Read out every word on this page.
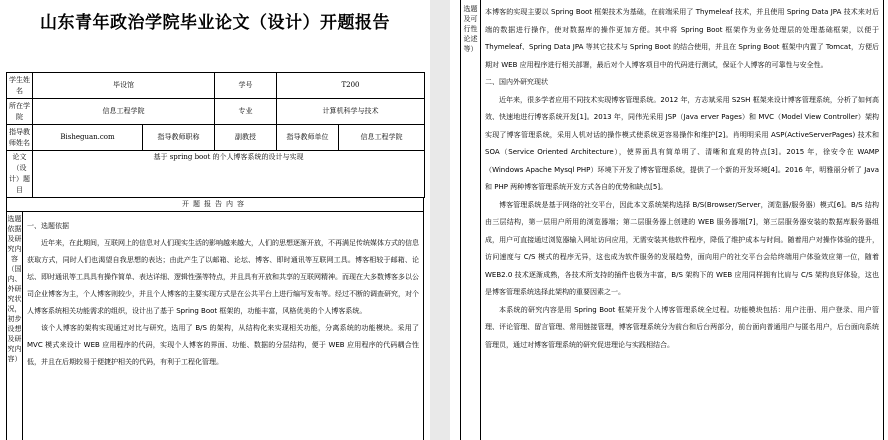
山东青年政治学院毕业论文（设计）开题报告
学生姓名	毕设馆		学号	T200	
所在学院	信息工程学院		专业	计算机科学与技术	
指导教师姓名	Bisheguan.com	指导教师职称	副教授	指导教师单位	信息工程学院
论文（设计）题目	基于 spring boot 的个人博客系统的设计与实现				
开题报告内容
选题依据及研究内容（国内、外研究状况，初步设想及研究内容）

一、选题依据

近年来，在此期间，互联网上的信息对人们现实生活的影响越来越大，人们的思想逐渐开放，不再满足传统媒体方式的信息获取方式，同时人们也渴望自我思想的表达；由此产生了以邮箱、论坛、博客、即时通讯等互联网工具。博客相较于邮箱、论坛、即时通讯等工具具有操作简单、表达详细、逻辑性强等特点，并且具有开放和共享的互联网精神。而现在大多数博客多以公司企业博客为主，个人博客则较少，并且个人博客的主要实现方式是在公共平台上进行编写发布等。经过不断的调查研究，对个人博客系统相关功能需求的组织，设计出了基于 Spring Boot 框架的，功能丰富，风格优美的个人博客系统。

该个人博客的架构实现通过对比与研究，选用了 B/S 的架构，从结构化来实现相关功能，分离系统的功能模块。采用了 MVC 模式来设计 WEB 应用程序的代码，实现个人博客的界面、功能、数据的分层结构，便于 WEB 应用程序的代码耦合性低，并且在后期较易于便捷护相关的代码，有利于工程化管理。

选题及可行性论述等）

本博客的实现主要以 Spring Boot 框架技术为基础，在前端采用了 Thymeleaf 技术，并且使用 Spring Data JPA 技术来对后端的数据进行操作，使对数据库的操作更加方便。其中将 Spring Boot 框架作为业务处理层的处理基础框架，以便于 Thymeleaf、Spring Data JPA 等其它技术与 Spring Boot 的结合使用，并且在 Spring Boot 框架中内置了 Tomcat，方便后期对 WEB 应用程序进行相关部署，最后对个人博客项目中的代码进行测试，保证个人博客的可靠性与安全性。

二、国内外研究现状

近年来，很多学者应用不同技术实现博客管理系统。2012 年，方志斌采用 S2SH 框架来设计博客管理系统，分析了如何高效、快速地进行博客系统开发[1]。2013 年，同伟光采用 JSP（Java erver Pages）和 MVC（Model View Controller）架构实现了博客管理系统，采用人机对话的操作模式使系统更容易操作和维护[2]。肖明明采用 ASP(ActiveServerPages) 技术和 SOA（Service Oriented Architecture），使界面具有简单明了、清晰和直观的特点[3]。2015 年，徐安令在 WAMP（Windows Apache Mysql PHP）环境下开发了博客管理系统，提供了一个新的开发环境[4]。2016 年，明雅丽分析了 Java 和 PHP 两种博客管理系统开发方式各自的优势和缺点[5]。

博客管理系统是基于网络的社交平台，因此本文系统架构选择 B/S(Browser/Server，浏览器/服务器）模式[6]。B/S 结构由三层结构，第一层用户所用的浏览器端；第二层服务器上创建的 WEB 服务器端[7]，第三层服务器安装的数据库服务器组成，用户可直接通过浏览器输入网址访问应用，无需安装其他软件程序，降低了维护成本与时间。随着用户对操作体验的提升，访问速度与 C/S 模式的程序无异，这也成为软件服务的发展趋势，面向用户的社交平台会给终端用户体验效应第一位，随着 WEB2.0 技术逐渐成熟，各技术所支持的插件也极为丰富，B/S 架构下的 WEB 应用同样拥有比肩与 C/S 架构良好体验，这也是博客管理系统选择此架构的重要因素之一。

本系统的研究内容是用 Spring Boot 框架开发个人博客管理系统全过程。功能模块包括：用户注册、用户登录、用户管理、评论管理、留言管理、常用链接管理，博客管理系统分为前台和后台两部分，前台面向普通用户与匿名用户，后台面向系统管理员，通过对博客管理系统的研究促进理论与实践相结合。
